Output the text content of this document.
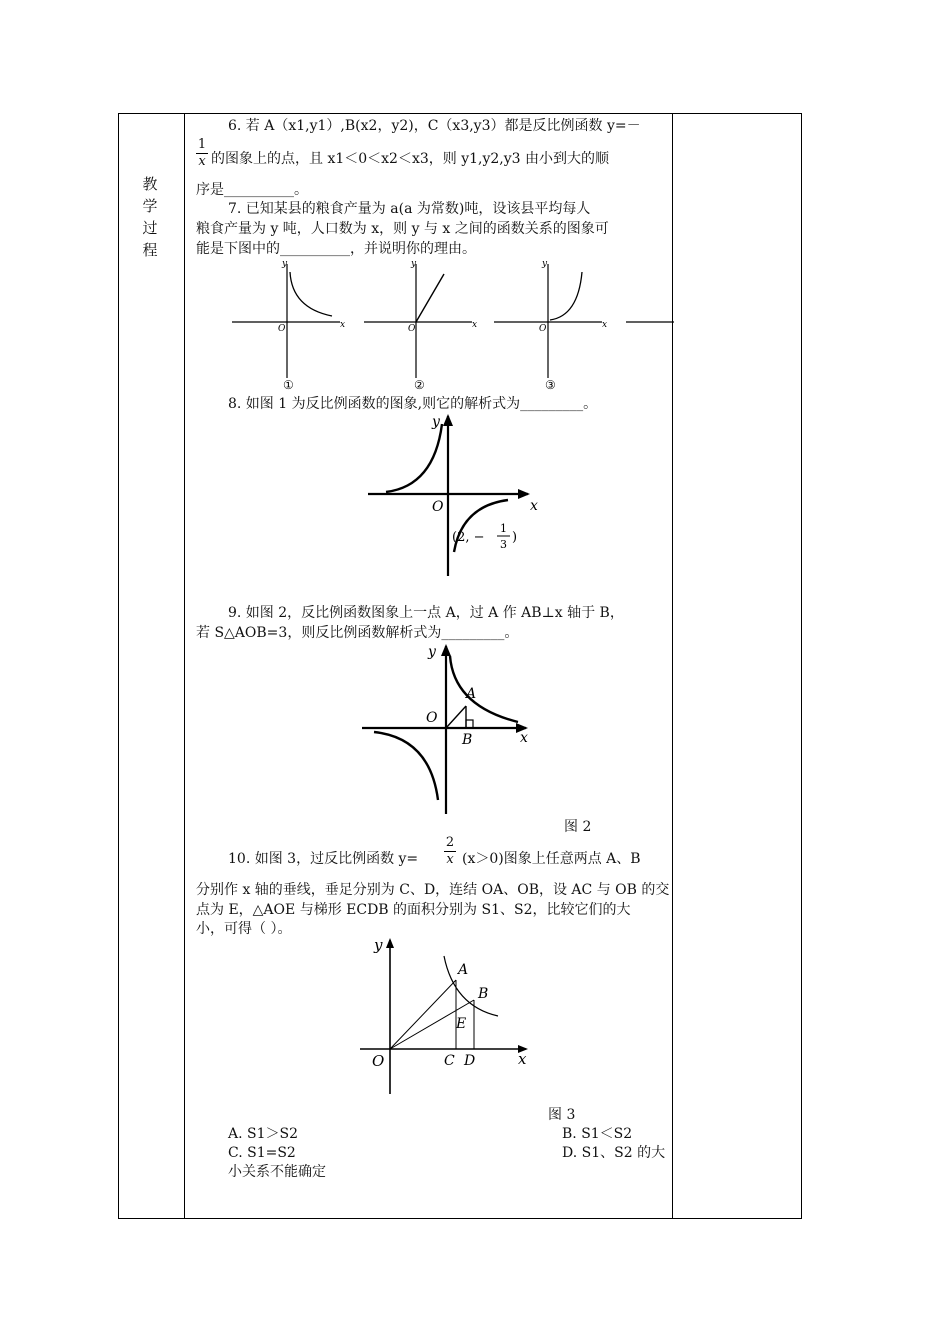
教
学
过
程
6. 若 A（x1,y1）,B(x2，y2)，C（x3,y3）都是反比例函数 y=－
1
x 的图象上的点，且 x1＜0＜x2＜x3，则 y1,y2,y3 由小到大的顺
序是__________。
7. 已知某县的粮食产量为 a(a 为常数)吨，设该县平均每人
粮食产量为 y 吨，人口数为 x，则 y 与 x 之间的函数关系的图象可
能是下图中的__________，并说明你的理由。
x
y
O
①
x
y
O
②
x
y
O
③
8. 如图 1 为反比例函数的图象,则它的解析式为_________。
x
y
O
(2, −
1
3 )
9. 如图 2，反比例函数图象上一点 A，过 A 作 AB⊥x 轴于 B，
若 S△AOB=3，则反比例函数解析式为_________。
x
y
O
A
B
图 2
10. 如图 3，过反比例函数 y=
2
x (x＞0)图象上任意两点 A、B
分别作 x 轴的垂线，垂足分别为 C、D，连结 OA、OB，设 AC 与 OB 的交
点为 E，△AOE 与梯形 ECDB 的面积分别为 S1、S2，比较它们的大
小，可得（ ）。
x
y
O
A
B
C D
E
图 3
A. S1＞S2	B. S1＜S2
C. S1=S2	D. S1、S2 的大
小关系不能确定
